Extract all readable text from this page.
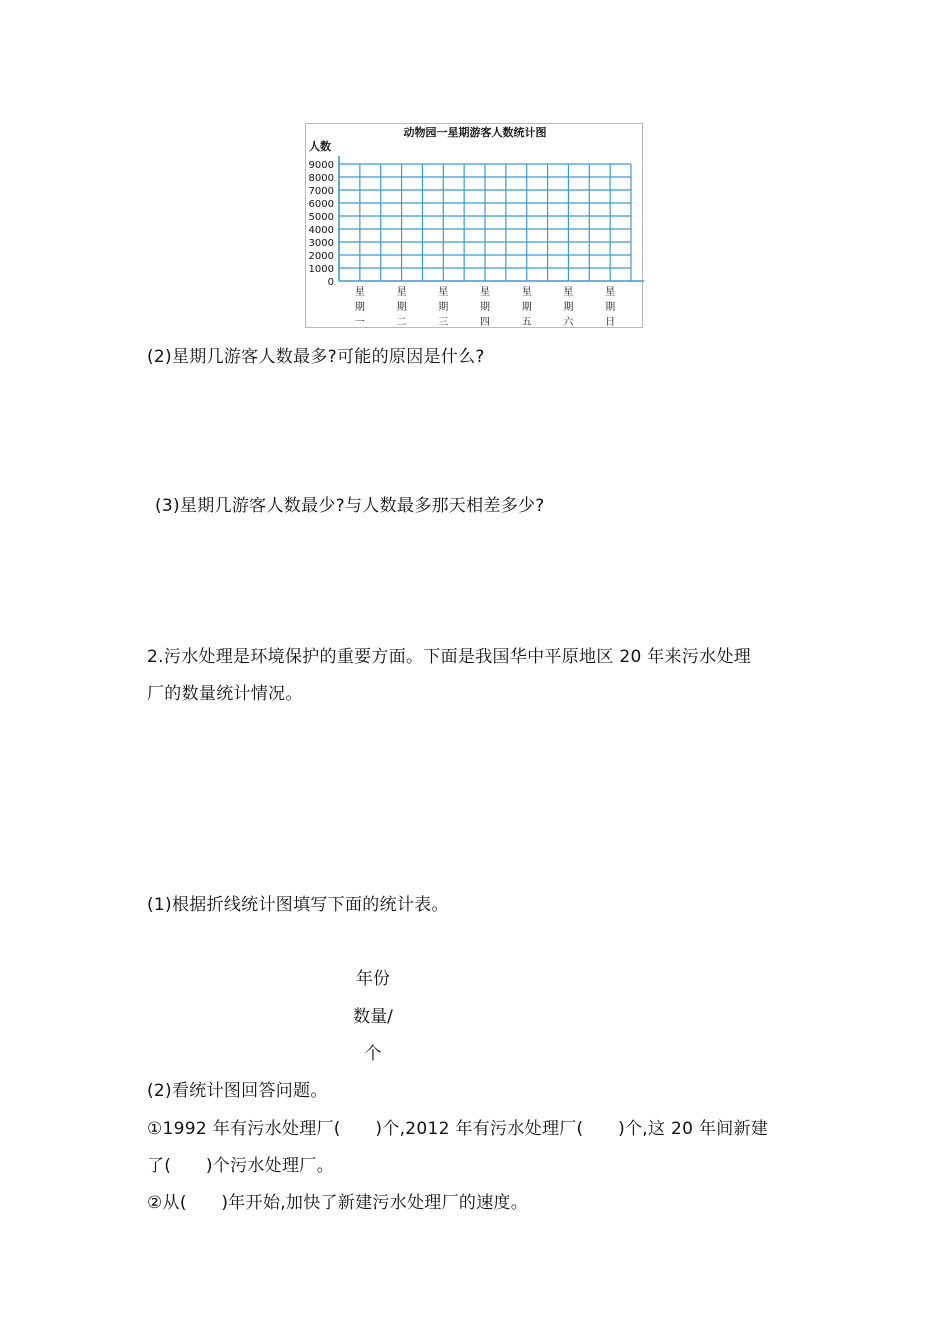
动物园一星期游客人数统计图
人数
0
1000
2000
3000
4000
5000
6000
7000
8000
9000
星
期
一
星
期
二
星
期
三
星
期
四
星
期
五
星
期
六
星
期
日
(2)星期几游客人数最多?可能的原因是什么?
(3)星期几游客人数最少?与人数最多那天相差多少?
2.污水处理是环境保护的重要方面。下面是我国华中平原地区 20 年来污水处理
厂的数量统计情况。
(1)根据折线统计图填写下面的统计表。
年份
数量/
个
(2)看统计图回答问题。
①1992 年有污水处理厂(　　)个,2012 年有污水处理厂(　　)个,这 20 年间新建
了(　　)个污水处理厂。
②从(　　)年开始,加快了新建污水处理厂的速度。
